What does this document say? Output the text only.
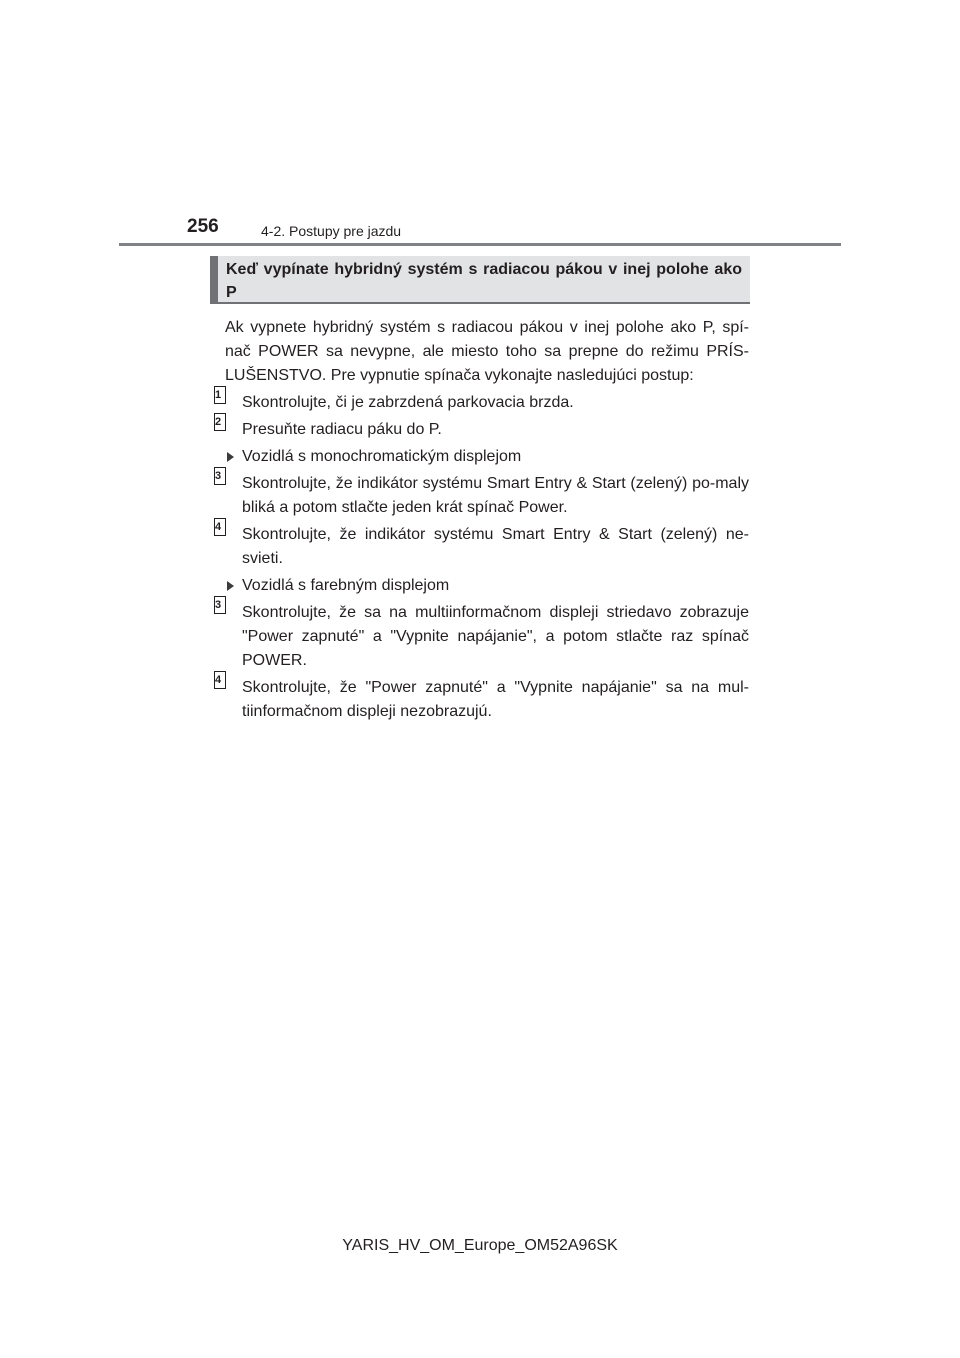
256	4-2. Postupy pre jazdu
Keď vypínate hybridný systém s radiacou pákou v inej polohe ako P

Ak vypnete hybridný systém s radiacou pákou v inej polohe ako P, spí-nač POWER sa nevypne, ale miesto toho sa prepne do režimu PRÍS-LUŠENSTVO. Pre vypnutie spínača vykonajte nasledujúci postup:

1	Skontrolujte, či je zabrzdená parkovacia brzda.
2	Presuňte radiacu páku do P.
Vozidlá s monochromatickým displejom
3	Skontrolujte, že indikátor systému Smart Entry & Start (zelený) po-maly bliká a potom stlačte jeden krát spínač Power.
4	Skontrolujte, že indikátor systému Smart Entry & Start (zelený) ne-svieti.
Vozidlá s farebným displejom
3	Skontrolujte, že sa na multiinformačnom displeji striedavo zobrazuje "Power zapnuté" a "Vypnite napájanie", a potom stlačte raz spínač POWER.
4	Skontrolujte, že "Power zapnuté" a "Vypnite napájanie" sa na mul-tiinformačnom displeji nezobrazujú.
YARIS_HV_OM_Europe_OM52A96SK
